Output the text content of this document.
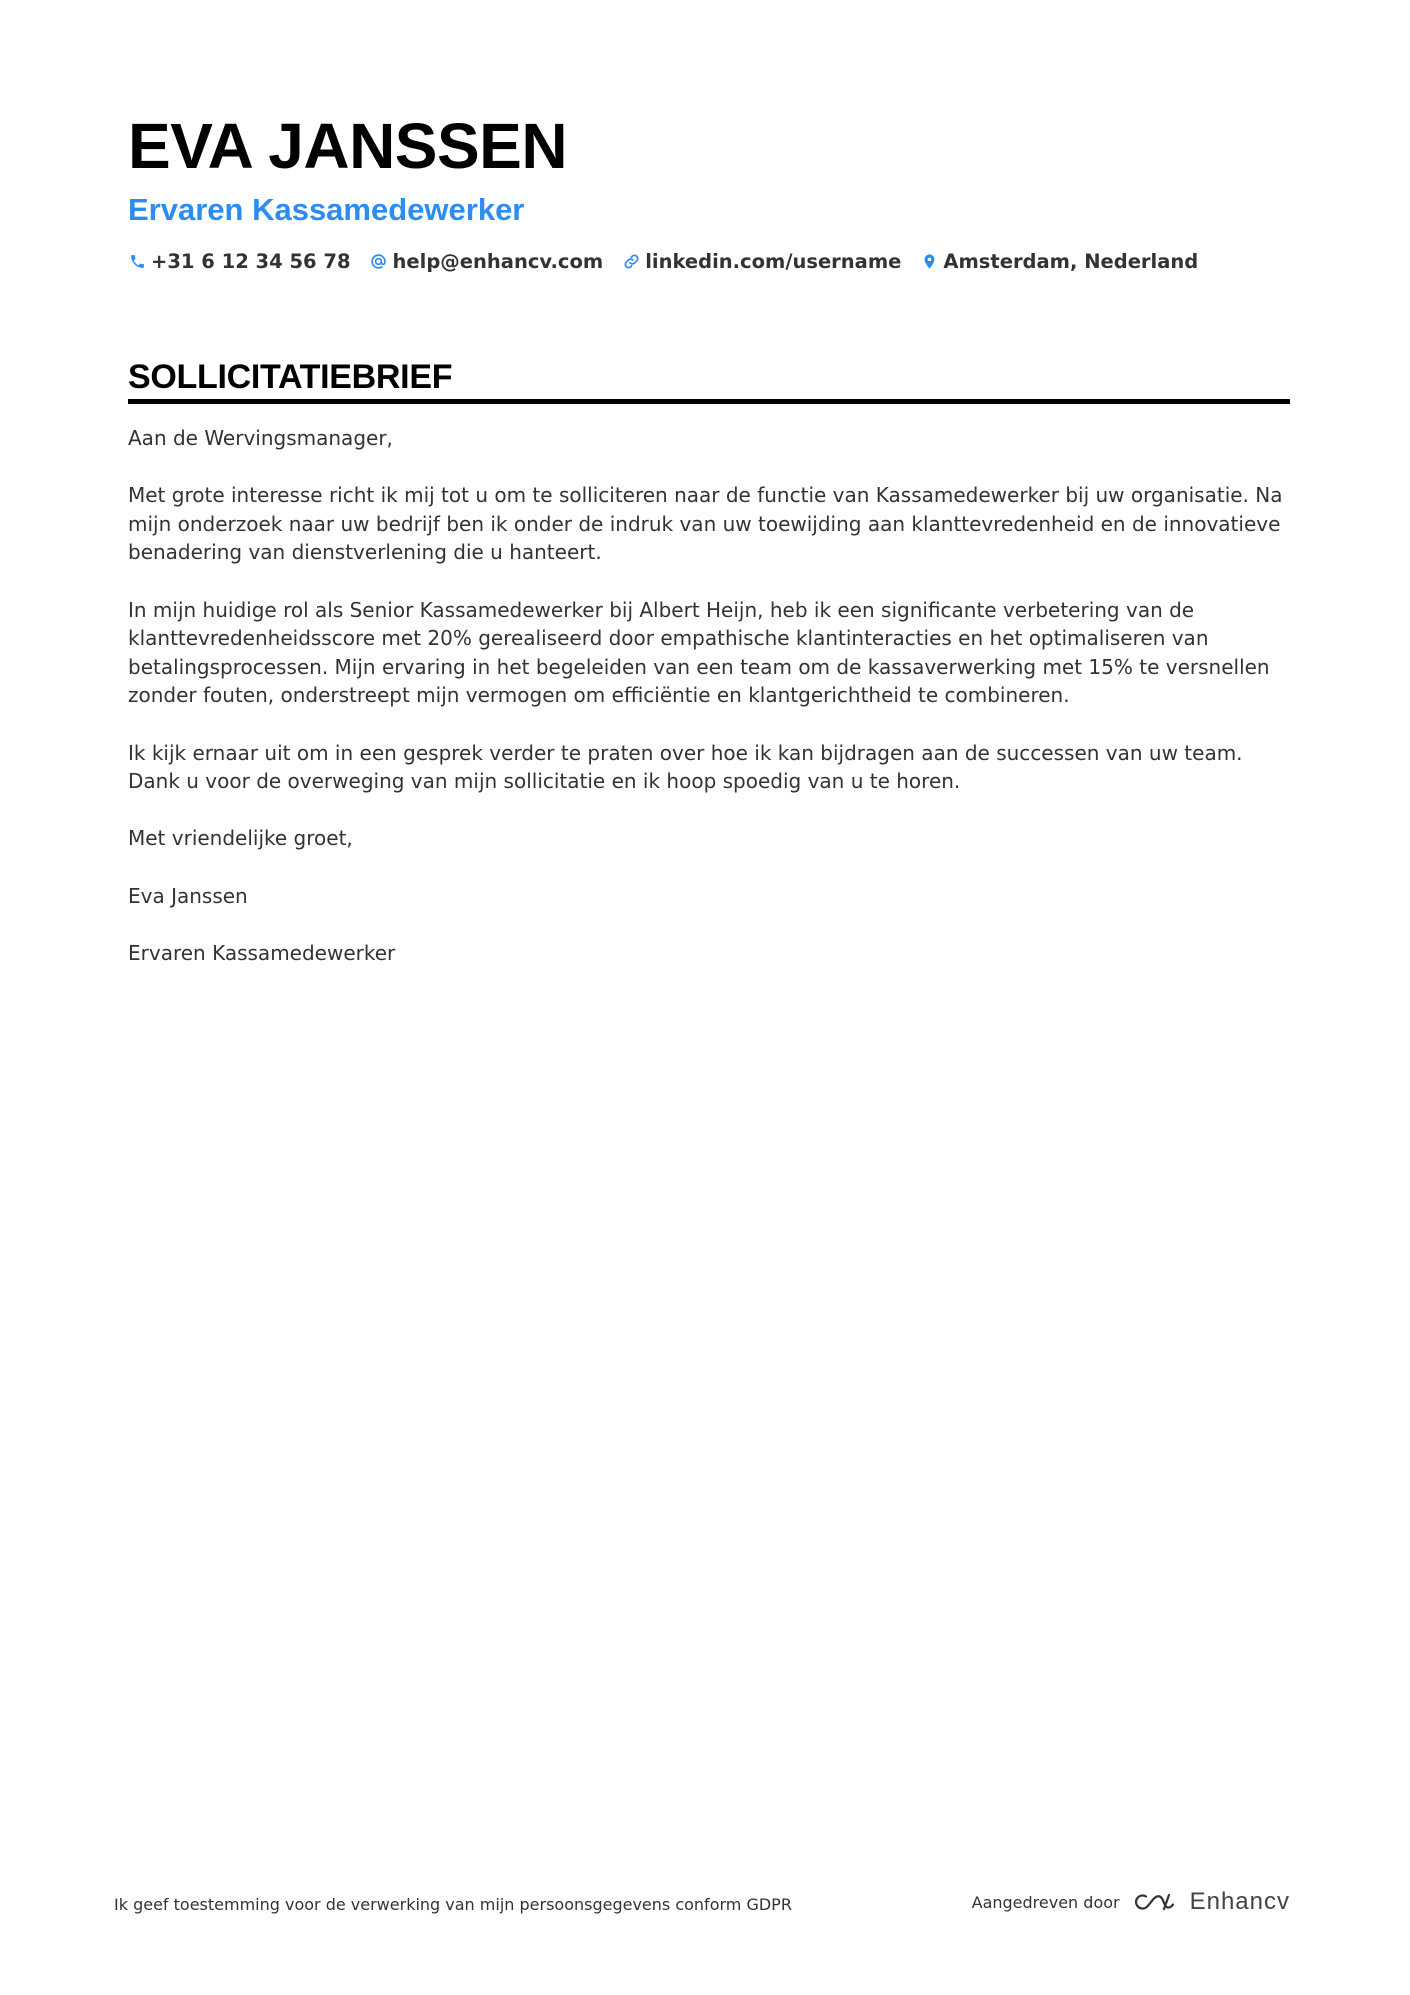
EVA JANSSEN
Ervaren Kassamedewerker
+31 6 12 34 56 78 help@enhancv.com linkedin.com/username Amsterdam, Nederland
SOLLICITATIEBRIEF

Aan de Wervingsmanager,

Met grote interesse richt ik mij tot u om te solliciteren naar de functie van Kassamedewerker bij uw organisatie. Na mijn onderzoek naar uw bedrijf ben ik onder de indruk van uw toewijding aan klanttevredenheid en de innovatieve benadering van dienstverlening die u hanteert.

In mijn huidige rol als Senior Kassamedewerker bij Albert Heijn, heb ik een significante verbetering van de klanttevredenheidsscore met 20% gerealiseerd door empathische klantinteracties en het optimaliseren van betalingsprocessen. Mijn ervaring in het begeleiden van een team om de kassaverwerking met 15% te versnellen zonder fouten, onderstreept mijn vermogen om efficiëntie en klantgerichtheid te combineren.

Ik kijk ernaar uit om in een gesprek verder te praten over hoe ik kan bijdragen aan de successen van uw team. Dank u voor de overweging van mijn sollicitatie en ik hoop spoedig van u te horen.

Met vriendelijke groet,

Eva Janssen

Ervaren Kassamedewerker

Ik geef toestemming voor de verwerking van mijn persoonsgegevens conform GDPR	Aangedreven door	Enhancv
